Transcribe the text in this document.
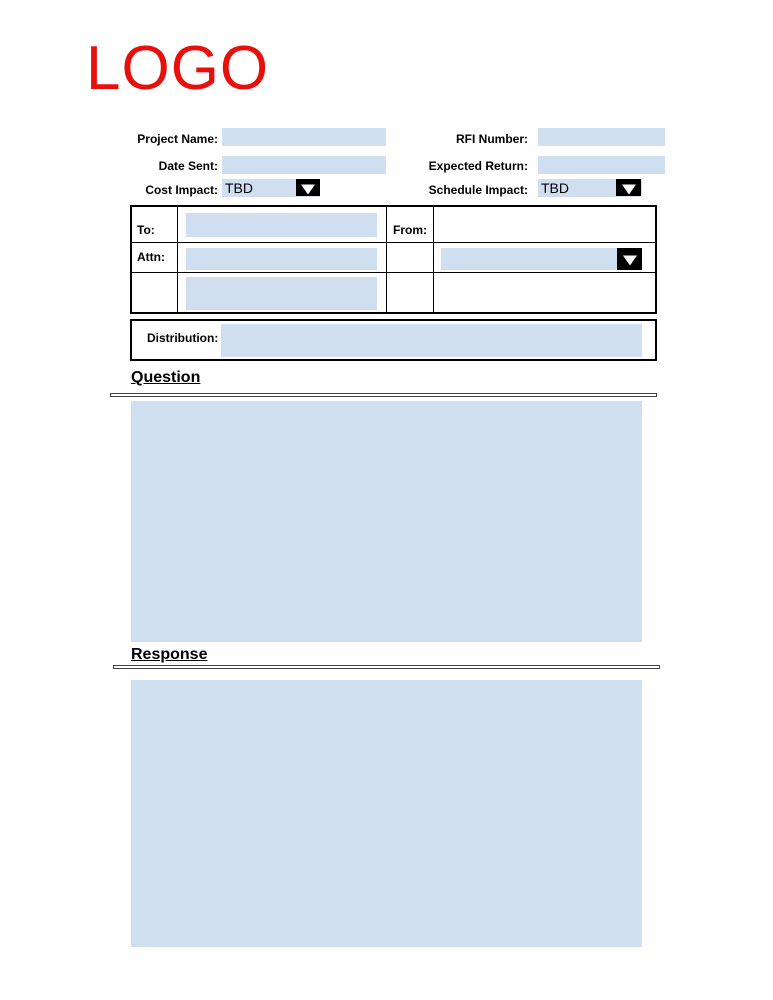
LOGO
Project Name:	RFI Number:
Date Sent:	Expected Return:
Cost Impact: TBD	Schedule Impact: TBD
To:	From:
Attn:
Distribution:
Question
Response
